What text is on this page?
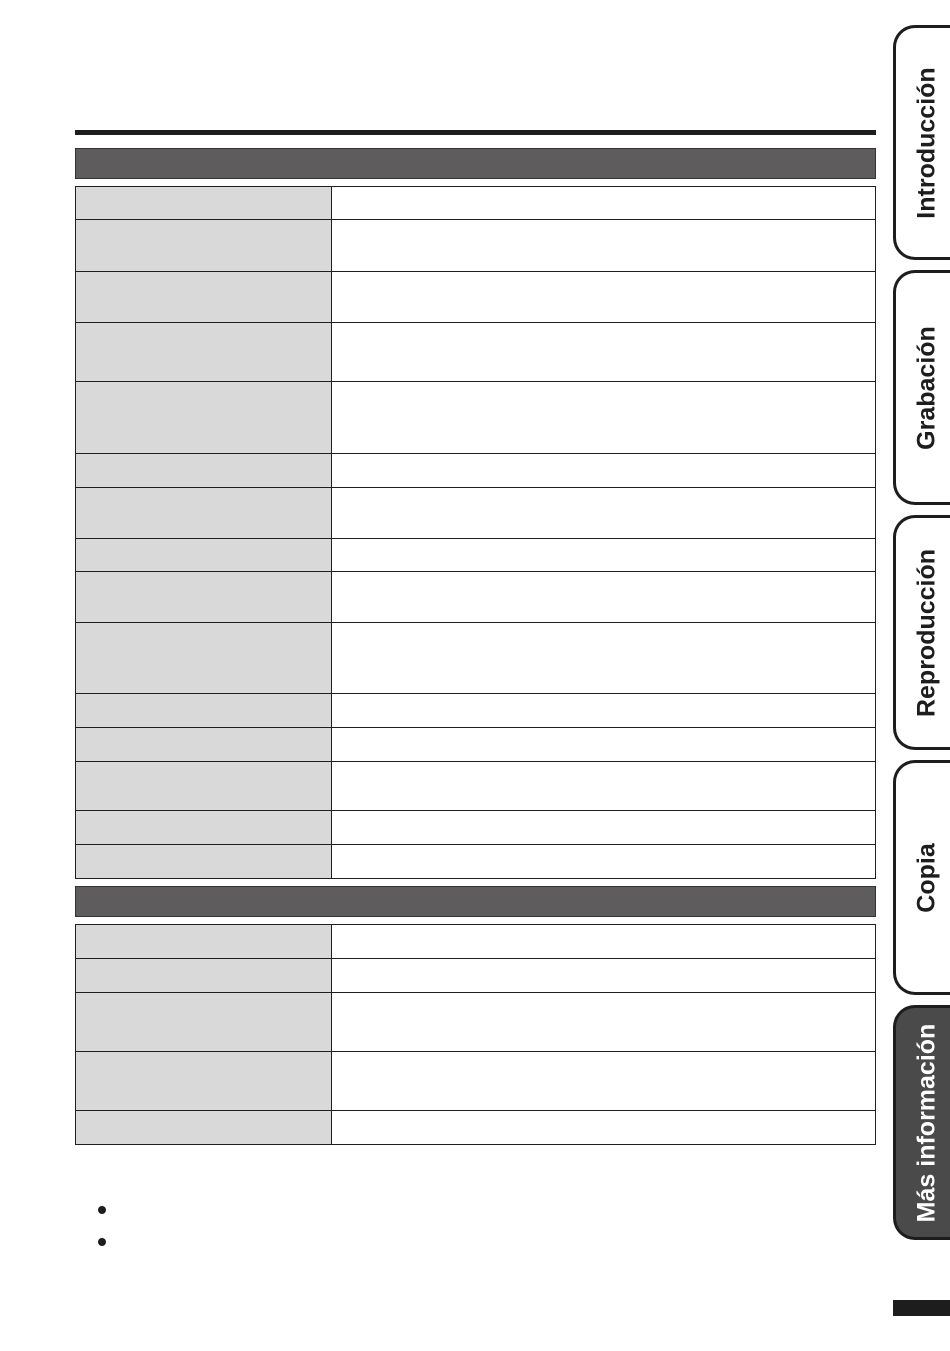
Introducción
Grabación
Reproducción
Copia
Más información
